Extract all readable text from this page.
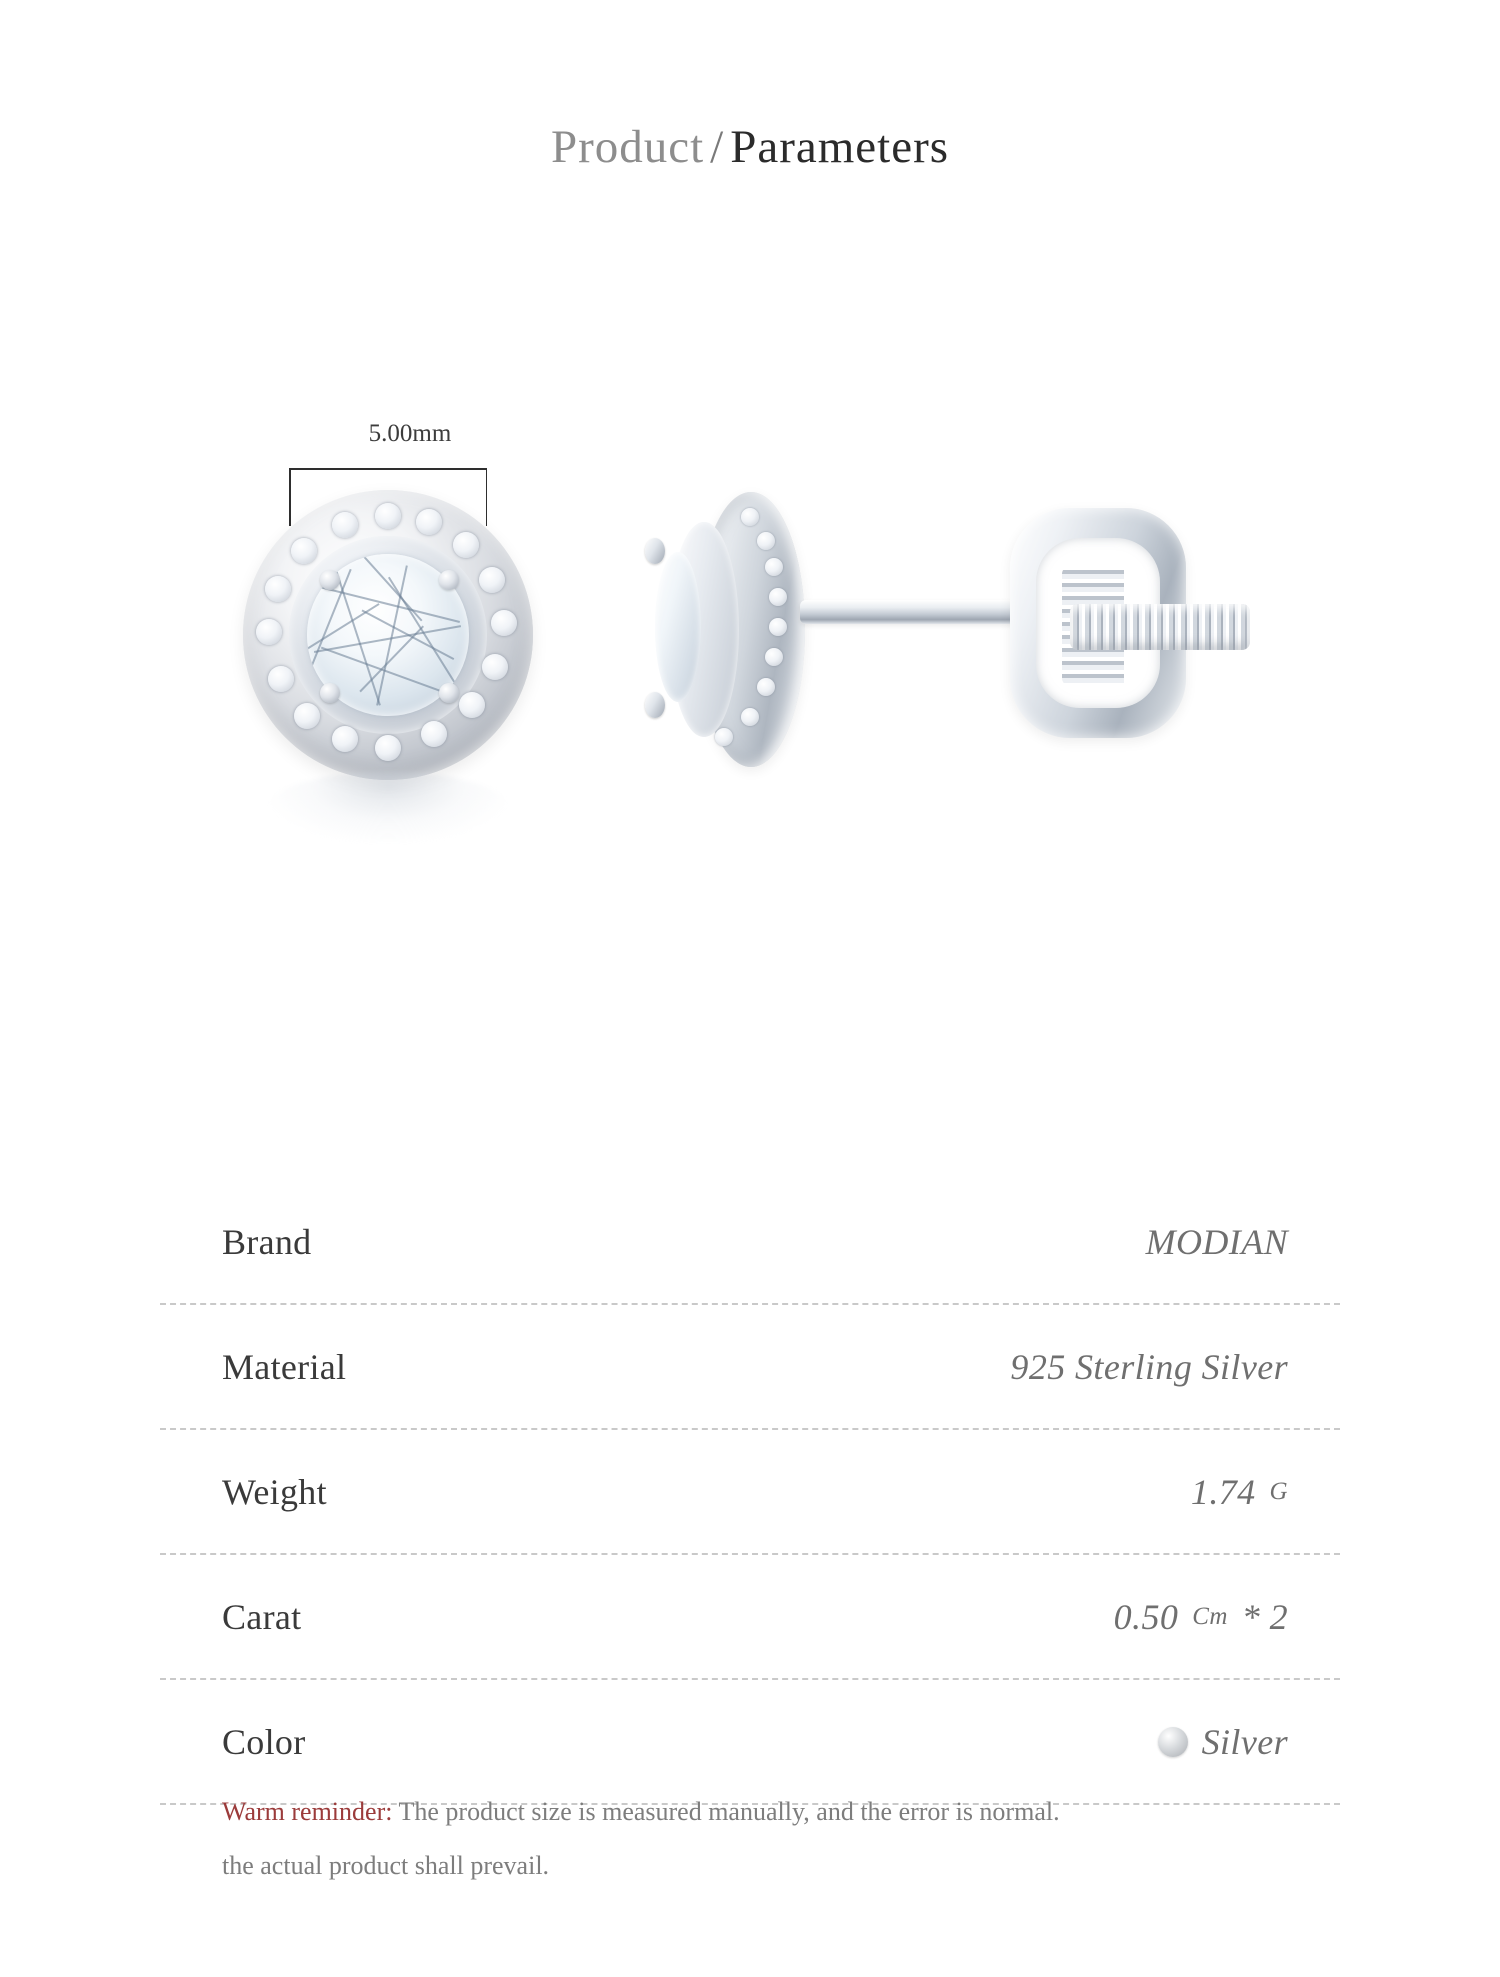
Product / Parameters
5.00mm
Brand	MODIAN
Material	925 Sterling Silver
Weight	1.74 G
Carat	0.50 Cт * 2
Color	Silver
Warm reminder: The product size is measured manually, and the error is normal.
the actual product shall prevail.
